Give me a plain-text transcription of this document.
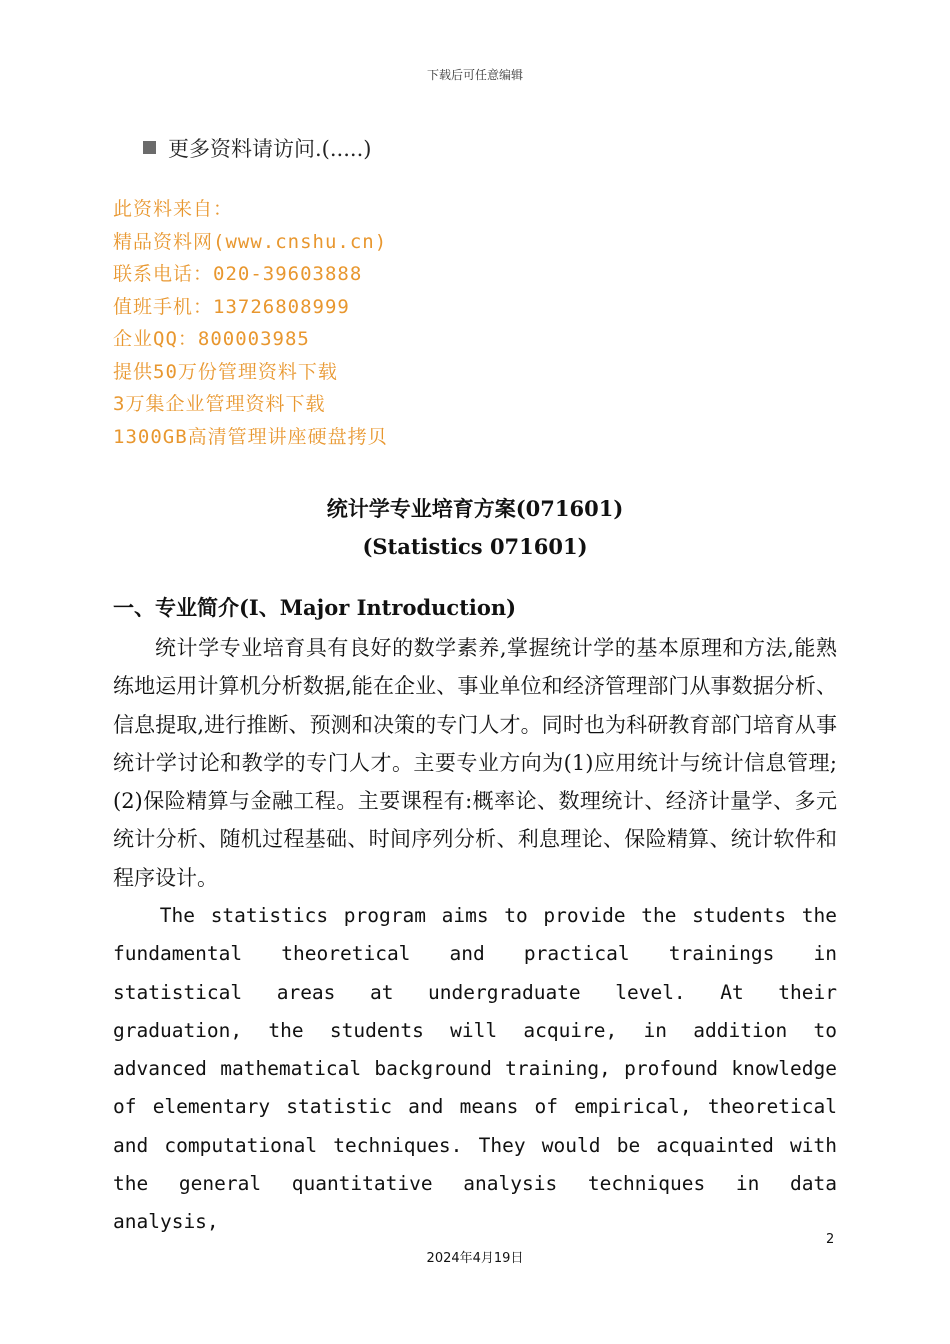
下载后可任意编辑
更多资料请访问.(.....)
此资料来自：
精品资料网(www.cnshu.cn)
联系电话：020-39603888
值班手机：13726808999
企业QQ：800003985
提供50万份管理资料下载
3万集企业管理资料下载
1300GB高清管理讲座硬盘拷贝
统计学专业培育方案(071601)
(Statistics 071601)
一、专业简介(Ⅰ、Major Introduction)
统计学专业培育具有良好的数学素养,掌握统计学的基本原理和方法,能熟练地运用计算机分析数据,能在企业、事业单位和经济管理部门从事数据分析、信息提取,进行推断、预测和决策的专门人才。同时也为科研教育部门培育从事统计学讨论和教学的专门人才。主要专业方向为(1)应用统计与统计信息管理;(2)保险精算与金融工程。主要课程有:概率论、数理统计、经济计量学、多元统计分析、随机过程基础、时间序列分析、利息理论、保险精算、统计软件和程序设计。
The statistics program aims to provide the students the fundamental theoretical and practical trainings in statistical areas at undergraduate level. At their graduation, the students will acquire, in addition to advanced mathematical background training, profound knowledge of elementary statistic and means of empirical, theoretical and computational techniques. They would be acquainted with the general quantitative analysis techniques in data analysis,
2
2024年4月19日
